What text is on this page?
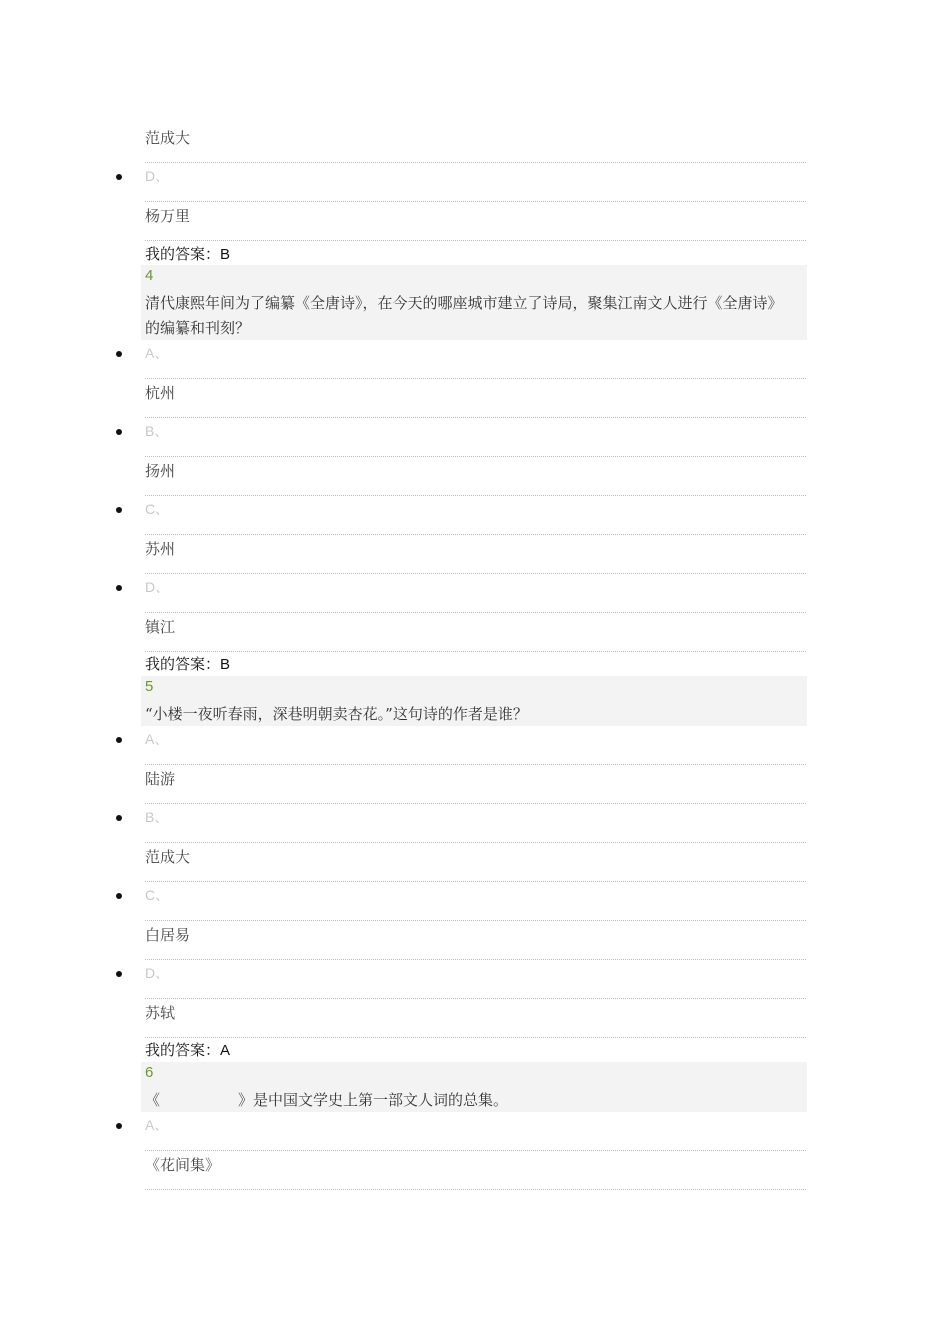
范成大
D、
杨万里
我的答案：B
4
清代康熙年间为了编纂《全唐诗》，在今天的哪座城市建立了诗局，聚集江南文人进行《全唐诗》的编纂和刊刻？
A、
杭州
B、
扬州
C、
苏州
D、
镇江
我的答案：B
5
“小楼一夜听春雨，深巷明朝卖杏花。”这句诗的作者是谁？
A、
陆游
B、
范成大
C、
白居易
D、
苏轼
我的答案：A
6
《	》是中国文学史上第一部文人词的总集。
A、
《花间集》
